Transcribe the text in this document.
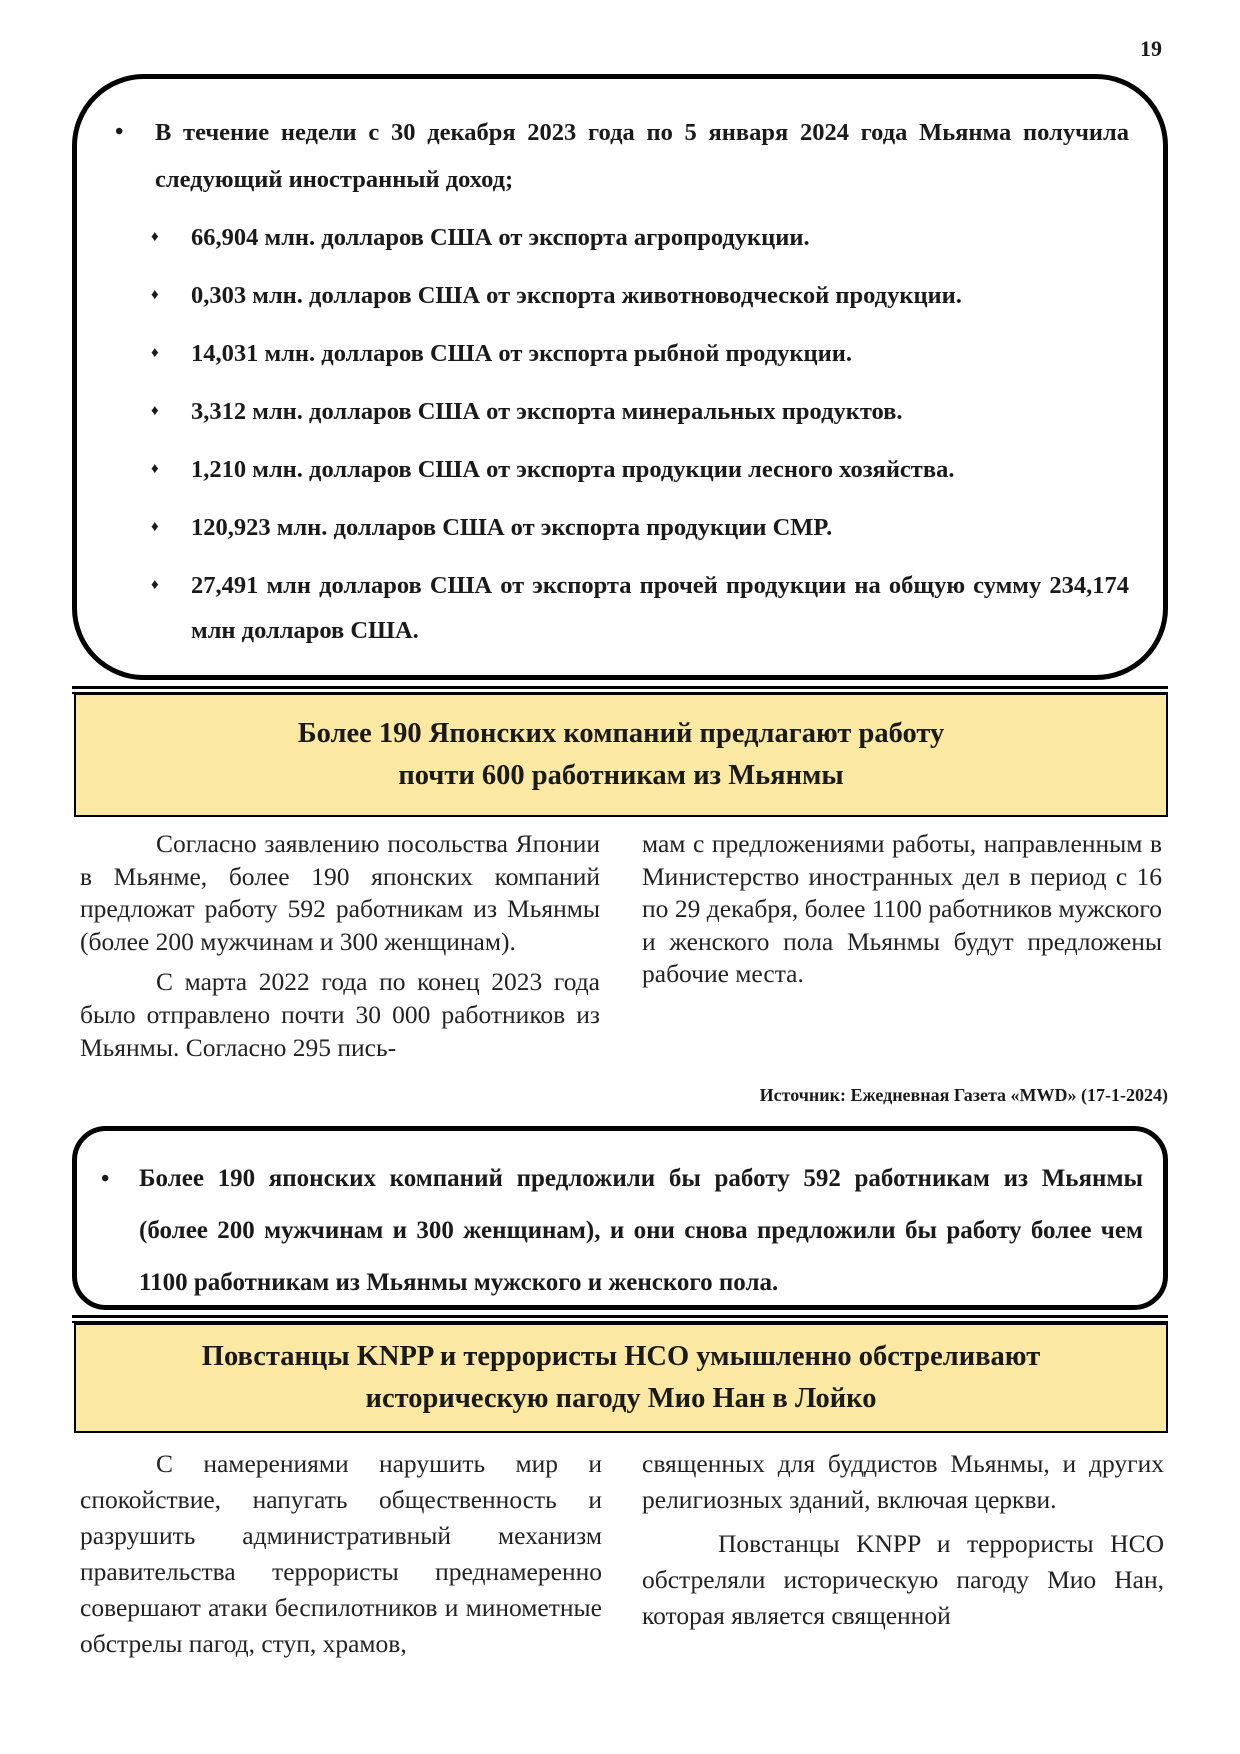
19
• В течение недели с 30 декабря 2023 года по 5 января 2024 года Мьянма получила следующий иностранный доход;
♦ 66,904 млн. долларов США от экспорта агропродукции.
♦ 0,303 млн. долларов США от экспорта животноводческой продукции.
♦ 14,031 млн. долларов США от экспорта рыбной продукции.
♦ 3,312 млн. долларов США от экспорта минеральных продуктов.
♦ 1,210 млн. долларов США от экспорта продукции лесного хозяйства.
♦ 120,923 млн. долларов США от экспорта продукции CMP.
♦ 27,491 млн долларов США от экспорта прочей продукции на общую сумму 234,174 млн долларов США.
Более 190 Японских компаний предлагают работу
почти 600 работникам из Мьянмы

Согласно заявлению посольства Японии в Мьянме, более 190 японских компаний предложат работу 592 работникам из Мьянмы (более 200 мужчинам и 300 женщинам).

С марта 2022 года по конец 2023 года было отправлено почти 30 000 работников из Мьянмы. Согласно 295 пись-

мам с предложениями работы, направленным в Министерство иностранных дел в период с 16 по 29 декабря, более 1100 работников мужского и женского пола Мьянмы будут предложены рабочие места.

Источник: Ежедневная Газета «MWD» (17-1-2024)
• Более 190 японских компаний предложили бы работу 592 работникам из Мьянмы (более 200 мужчинам и 300 женщинам), и они снова предложили бы работу более чем 1100 работникам из Мьянмы мужского и женского пола.
Повстанцы KNPP и террористы НСО умышленно обстреливают
историческую пагоду Мио Нан в Лойко

С намерениями нарушить мир и спокойствие, напугать общественность и разрушить административный механизм правительства террористы преднамеренно совершают атаки беспилотников и минометные обстрелы пагод, ступ, храмов,

священных для буддистов Мьянмы, и других религиозных зданий, включая церкви.

Повстанцы KNPP и террористы НСО обстреляли историческую пагоду Мио Нан, которая является священной
